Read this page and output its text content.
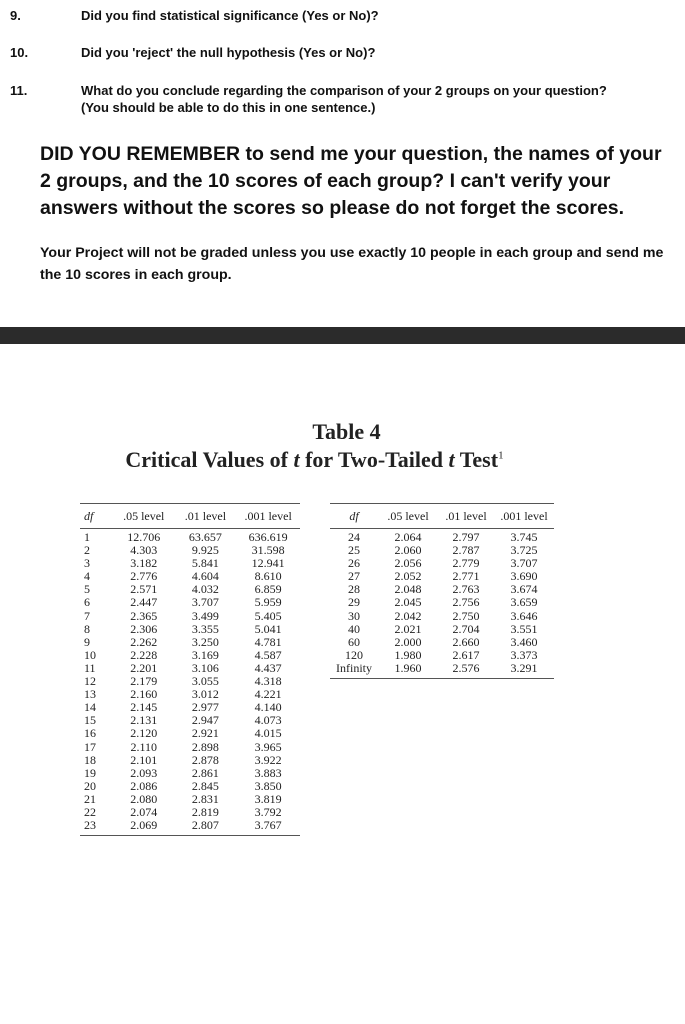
9.	Did you find statistical significance (Yes or No)?
10.	Did you 'reject' the null hypothesis (Yes or No)?
11.	What do you conclude regarding the comparison of your 2 groups on your question?
(You should be able to do this in one sentence.)
DID YOU REMEMBER to send me your question, the names of your 2 groups, and the 10 scores of each group? I can't verify your answers without the scores so please do not forget the scores.
Your Project will not be graded unless you use exactly 10 people in each group and send me the 10 scores in each group.
Table 4
Critical Values of t for Two-Tailed t Test$^1$
df	.05 level	.01 level	.001 level
1	12.706	63.657	636.619
2	4.303	9.925	31.598
3	3.182	5.841	12.941
4	2.776	4.604	8.610
5	2.571	4.032	6.859
6	2.447	3.707	5.959
7	2.365	3.499	5.405
8	2.306	3.355	5.041
9	2.262	3.250	4.781
10	2.228	3.169	4.587
11	2.201	3.106	4.437
12	2.179	3.055	4.318
13	2.160	3.012	4.221
14	2.145	2.977	4.140
15	2.131	2.947	4.073
16	2.120	2.921	4.015
17	2.110	2.898	3.965
18	2.101	2.878	3.922
19	2.093	2.861	3.883
20	2.086	2.845	3.850
21	2.080	2.831	3.819
22	2.074	2.819	3.792
23	2.069	2.807	3.767
df	.05 level	.01 level	.001 level
24	2.064	2.797	3.745
25	2.060	2.787	3.725
26	2.056	2.779	3.707
27	2.052	2.771	3.690
28	2.048	2.763	3.674
29	2.045	2.756	3.659
30	2.042	2.750	3.646
40	2.021	2.704	3.551
60	2.000	2.660	3.460
120	1.980	2.617	3.373
Infinity	1.960	2.576	3.291
